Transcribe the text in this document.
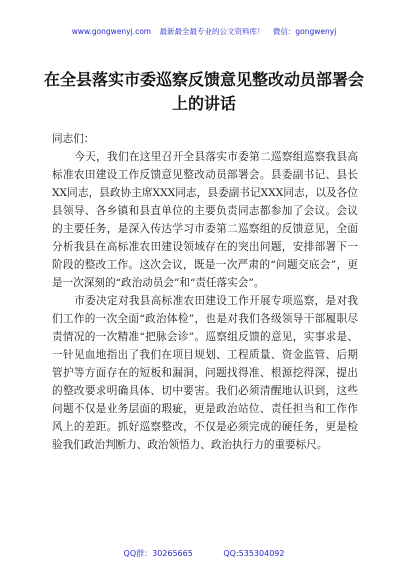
www.gongwenyj.com 最新最全最专业的公文资料库！ 微信：gongwenyj
在全县落实市委巡察反馈意见整改动员部署会上的讲话

同志们：

今天，我们在这里召开全县落实市委第二巡察组巡察我县高标准农田建设工作反馈意见整改动员部署会。县委副书记、县长XX同志，县政协主席XXX同志，县委副书记XXX同志，以及各位县领导、各乡镇和县直单位的主要负责同志都参加了会议。会议的主要任务，是深入传达学习市委第二巡察组的反馈意见，全面分析我县在高标准农田建设领域存在的突出问题，安排部署下一阶段的整改工作。这次会议，既是一次严肃的“问题交底会”，更是一次深刻的“政治动员会”和“责任落实会”。

市委决定对我县高标准农田建设工作开展专项巡察，是对我们工作的一次全面“政治体检”，也是对我们各级领导干部履职尽责情况的一次精准“把脉会诊”。巡察组反馈的意见，实事求是、一针见血地指出了我们在项目规划、工程质量、资金监管、后期管护等方面存在的短板和漏洞，问题找得准、根源挖得深，提出的整改要求明确具体、切中要害。我们必须清醒地认识到，这些问题不仅是业务层面的瑕疵，更是政治站位、责任担当和工作作风上的差距。抓好巡察整改，不仅是必须完成的硬任务，更是检验我们政治判断力、政治领悟力、政治执行力的重要标尺。

QQ群：30265665	QQ:535304092
